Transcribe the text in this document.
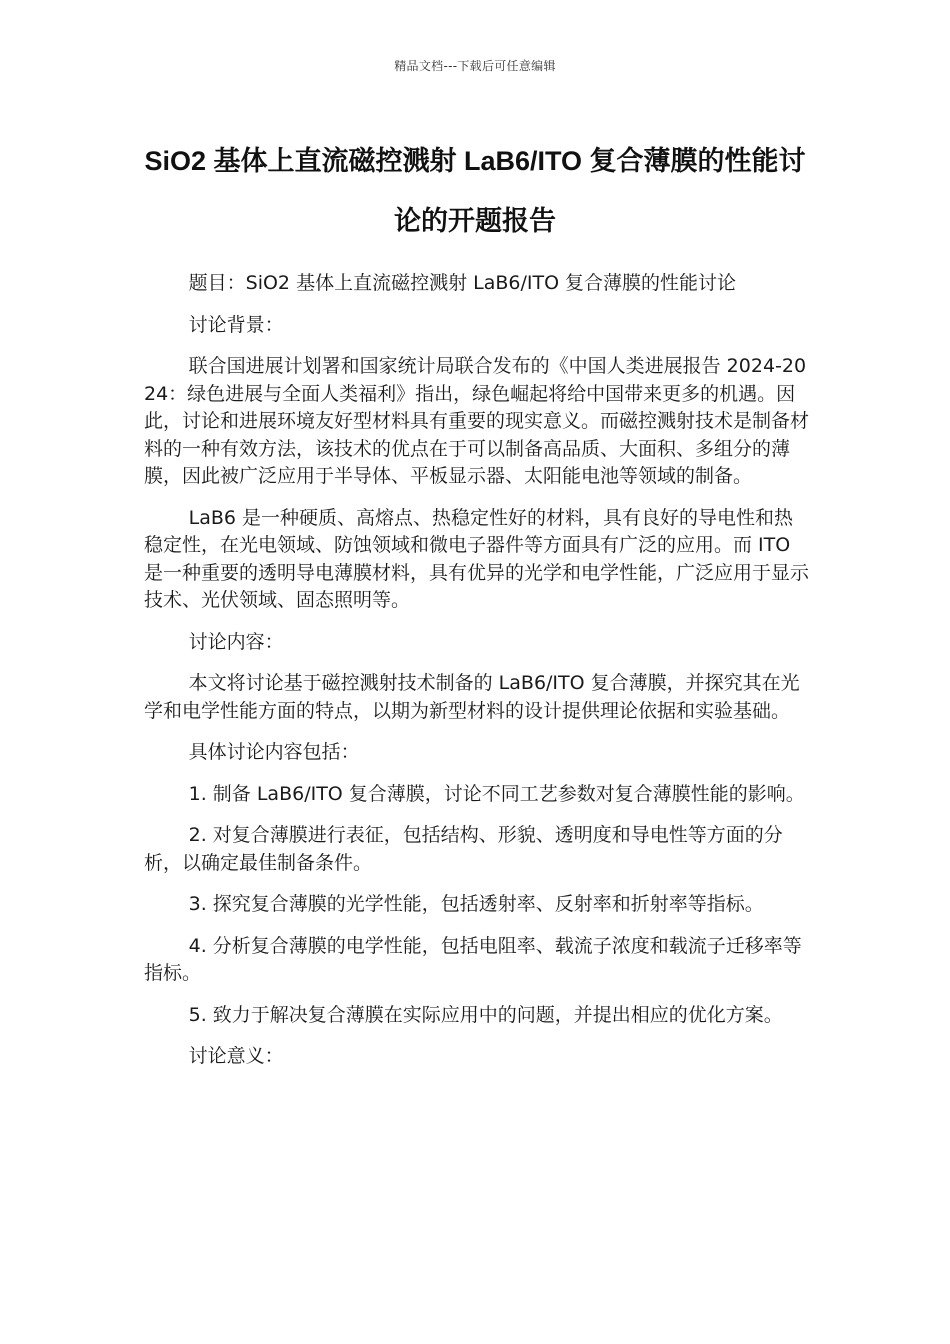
精品文档---下载后可任意编辑
SiO2 基体上直流磁控溅射 LaB6/ITO 复合薄膜的性能讨论的开题报告

题目：SiO2 基体上直流磁控溅射 LaB6/ITO 复合薄膜的性能讨论

讨论背景：

联合国进展计划署和国家统计局联合发布的《中国人类进展报告 2024-2024：绿色进展与全面人类福利》指出，绿色崛起将给中国带来更多的机遇。因此，讨论和进展环境友好型材料具有重要的现实意义。而磁控溅射技术是制备材料的一种有效方法，该技术的优点在于可以制备高品质、大面积、多组分的薄膜，因此被广泛应用于半导体、平板显示器、太阳能电池等领域的制备。

LaB6 是一种硬质、高熔点、热稳定性好的材料，具有良好的导电性和热稳定性，在光电领域、防蚀领域和微电子器件等方面具有广泛的应用。而 ITO 是一种重要的透明导电薄膜材料，具有优异的光学和电学性能，广泛应用于显示技术、光伏领域、固态照明等。

讨论内容：

本文将讨论基于磁控溅射技术制备的 LaB6/ITO 复合薄膜，并探究其在光学和电学性能方面的特点，以期为新型材料的设计提供理论依据和实验基础。

具体讨论内容包括：

1. 制备 LaB6/ITO 复合薄膜，讨论不同工艺参数对复合薄膜性能的影响。

2. 对复合薄膜进行表征，包括结构、形貌、透明度和导电性等方面的分析，以确定最佳制备条件。

3. 探究复合薄膜的光学性能，包括透射率、反射率和折射率等指标。

4. 分析复合薄膜的电学性能，包括电阻率、载流子浓度和载流子迁移率等指标。

5. 致力于解决复合薄膜在实际应用中的问题，并提出相应的优化方案。

讨论意义：
